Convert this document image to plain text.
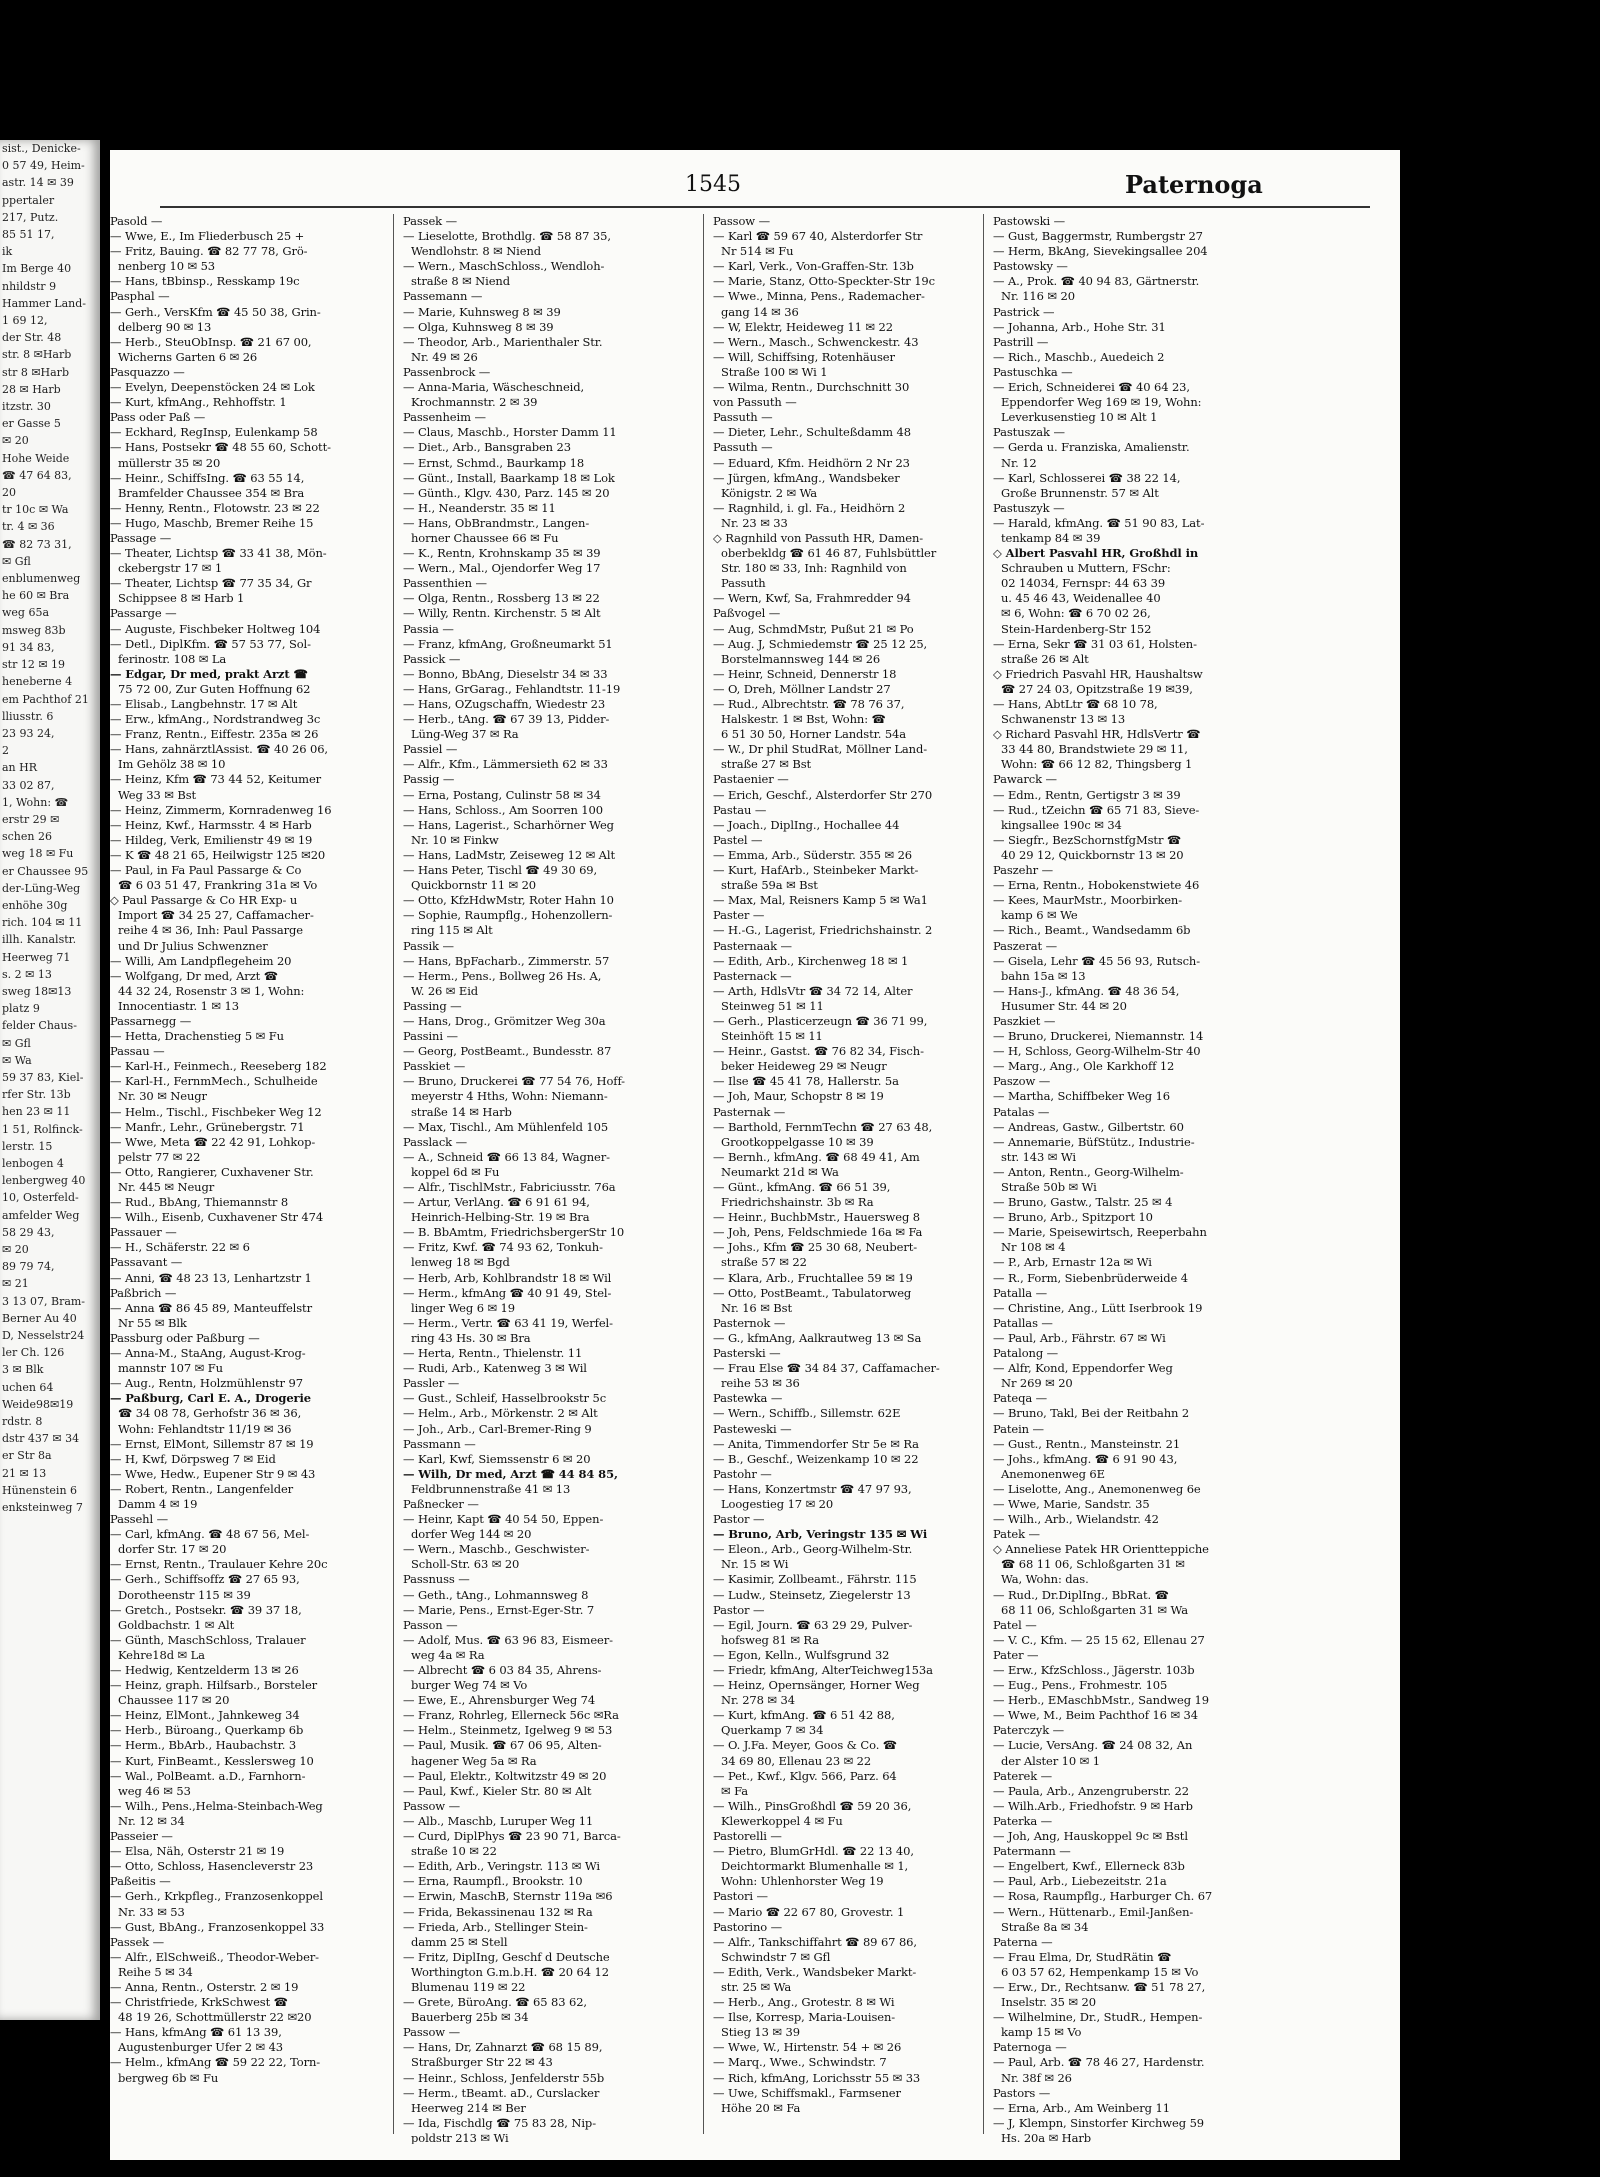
sist., Denicke-
0 57 49, Heim-
astr. 14 ✉ 39
ppertaler
217, Putz.
85 51 17,
ik
Im Berge 40
nhildstr 9
Hammer Land-
1 69 12,
der Str. 48
str. 8 ✉Harb
str 8 ✉Harb
28 ✉ Harb
itzstr. 30
er Gasse 5
✉ 20
Hohe Weide
☎ 47 64 83,
20
tr 10c ✉ Wa
tr. 4 ✉ 36
☎ 82 73 31,
✉ Gfl
enblumenweg
he 60 ✉ Bra
weg 65a
msweg 83b
91 34 83,
str 12 ✉ 19
heneberne 4
em Pachthof 21
lliusstr. 6
23 93 24,
2
an HR
33 02 87,
1, Wohn: ☎
erstr 29 ✉
schen 26
weg 18 ✉ Fu
er Chaussee 95
der-Lüng-Weg
enhöhe 30g
rich. 104 ✉ 11
illh. Kanalstr.
Heerweg 71
s. 2 ✉ 13
sweg 18✉13
platz 9
felder Chaus-
✉ Gfl
✉ Wa
59 37 83, Kiel-
rfer Str. 13b
hen 23 ✉ 11
1 51, Rolfinck-
lerstr. 15
lenbogen 4
lenbergweg 40
10, Osterfeld-
amfelder Weg
58 29 43,
✉ 20
89 79 74,
✉ 21
3 13 07, Bram-
Berner Au 40
D, Nesselstr24
ler Ch. 126
3 ✉ Blk
uchen 64
Weide98✉19
rdstr. 8
dstr 437 ✉ 34
er Str 8a
21 ✉ 13
Hünenstein 6
enksteinweg 7
1545	Paternoga
Pasold —
— Wwe, E., Im Fliederbusch 25 +
— Fritz, Bauing. ☎ 82 77 78, Grö-
nenberg 10 ✉ 53
— Hans, tBbinsp., Resskamp 19c
Pasphal —
— Gerh., VersKfm ☎ 45 50 38, Grin-
delberg 90 ✉ 13
— Herb., SteuObInsp. ☎ 21 67 00,
Wicherns Garten 6 ✉ 26
Pasquazzo —
— Evelyn, Deepenstöcken 24 ✉ Lok
— Kurt, kfmAng., Rehhoffstr. 1
Pass oder Paß —
— Eckhard, RegInsp, Eulenkamp 58
— Hans, Postsekr ☎ 48 55 60, Schott-
müllerstr 35 ✉ 20
— Heinr., SchiffsIng. ☎ 63 55 14,
Bramfelder Chaussee 354 ✉ Bra
— Henny, Rentn., Flotowstr. 23 ✉ 22
— Hugo, Maschb, Bremer Reihe 15
Passage —
— Theater, Lichtsp ☎ 33 41 38, Mön-
ckebergstr 17 ✉ 1
— Theater, Lichtsp ☎ 77 35 34, Gr
Schippsee 8 ✉ Harb 1
Passarge —
— Auguste, Fischbeker Holtweg 104
— Detl., DiplKfm. ☎ 57 53 77, Sol-
ferinostr. 108 ✉ La
— Edgar, Dr med, prakt Arzt ☎
75 72 00, Zur Guten Hoffnung 62
— Elisab., Langbehnstr. 17 ✉ Alt
— Erw., kfmAng., Nordstrandweg 3c
— Franz, Rentn., Eiffestr. 235a ✉ 26
— Hans, zahnärztlAssist. ☎ 40 26 06,
Im Gehölz 38 ✉ 10
— Heinz, Kfm ☎ 73 44 52, Keitumer
Weg 33 ✉ Bst
— Heinz, Zimmerm, Kornradenweg 16
— Heinz, Kwf., Harmsstr. 4 ✉ Harb
— Hildeg, Verk, Emilienstr 49 ✉ 19
— K ☎ 48 21 65, Heilwigstr 125 ✉20
— Paul, in Fa Paul Passarge & Co
☎ 6 03 51 47, Frankring 31a ✉ Vo
◇ Paul Passarge & Co HR Exp- u
Import ☎ 34 25 27, Caffamacher-
reihe 4 ✉ 36, Inh: Paul Passarge
und Dr Julius Schwenzner
— Willi, Am Landpflegeheim 20
— Wolfgang, Dr med, Arzt ☎
44 32 24, Rosenstr 3 ✉ 1, Wohn:
Innocentiastr. 1 ✉ 13
Passarnegg —
— Hetta, Drachenstieg 5 ✉ Fu
Passau —
— Karl-H., Feinmech., Reeseberg 182
— Karl-H., FernmMech., Schulheide
Nr. 30 ✉ Neugr
— Helm., Tischl., Fischbeker Weg 12
— Manfr., Lehr., Grünebergstr. 71
— Wwe, Meta ☎ 22 42 91, Lohkop-
pelstr 77 ✉ 22
— Otto, Rangierer, Cuxhavener Str.
Nr. 445 ✉ Neugr
— Rud., BbAng, Thiemannstr 8
— Wilh., Eisenb, Cuxhavener Str 474
Passauer —
— H., Schäferstr. 22 ✉ 6
Passavant —
— Anni, ☎ 48 23 13, Lenhartzstr 1
Paßbrich —
— Anna ☎ 86 45 89, Manteuffelstr
Nr 55 ✉ Blk
Passburg oder Paßburg —
— Anna-M., StaAng, August-Krog-
mannstr 107 ✉ Fu
— Aug., Rentn, Holzmühlenstr 97
— Paßburg, Carl E. A., Drogerie
☎ 34 08 78, Gerhofstr 36 ✉ 36,
Wohn: Fehlandtstr 11/19 ✉ 36
— Ernst, ElMont, Sillemstr 87 ✉ 19
— H, Kwf, Dörpsweg 7 ✉ Eid
— Wwe, Hedw., Eupener Str 9 ✉ 43
— Robert, Rentn., Langenfelder
Damm 4 ✉ 19
Passehl —
— Carl, kfmAng. ☎ 48 67 56, Mel-
dorfer Str. 17 ✉ 20
— Ernst, Rentn., Traulauer Kehre 20c
— Gerh., Schiffsoffz ☎ 27 65 93,
Dorotheenstr 115 ✉ 39
— Gretch., Postsekr. ☎ 39 37 18,
Goldbachstr. 1 ✉ Alt
— Günth, MaschSchloss, Tralauer
Kehre18d ✉ La
— Hedwig, Kentzelderm 13 ✉ 26
— Heinz, graph. Hilfsarb., Borsteler
Chaussee 117 ✉ 20
— Heinz, ElMont., Jahnkeweg 34
— Herb., Büroang., Querkamp 6b
— Herm., BbArb., Haubachstr. 3
— Kurt, FinBeamt., Kesslersweg 10
— Wal., PolBeamt. a.D., Farnhorn-
weg 46 ✉ 53
— Wilh., Pens.,Helma-Steinbach-Weg
Nr. 12 ✉ 34
Passeier —
— Elsa, Näh, Osterstr 21 ✉ 19
— Otto, Schloss, Hasencleverstr 23
Paßeitis —
— Gerh., Krkpfleg., Franzosenkoppel
Nr. 33 ✉ 53
— Gust, BbAng., Franzosenkoppel 33
Passek —
— Alfr., ElSchweiß., Theodor-Weber-
Reihe 5 ✉ 34
— Anna, Rentn., Osterstr. 2 ✉ 19
— Christfriede, KrkSchwest ☎
48 19 26, Schottmüllerstr 22 ✉20
— Hans, kfmAng ☎ 61 13 39,
Augustenburger Ufer 2 ✉ 43
— Helm., kfmAng ☎ 59 22 22, Torn-
bergweg 6b ✉ Fu
Passek —
— Lieselotte, Brothdlg. ☎ 58 87 35,
Wendlohstr. 8 ✉ Niend
— Wern., MaschSchloss., Wendloh-
straße 8 ✉ Niend
Passemann —
— Marie, Kuhnsweg 8 ✉ 39
— Olga, Kuhnsweg 8 ✉ 39
— Theodor, Arb., Marienthaler Str.
Nr. 49 ✉ 26
Passenbrock —
— Anna-Maria, Wäscheschneid,
Krochmannstr. 2 ✉ 39
Passenheim —
— Claus, Maschb., Horster Damm 11
— Diet., Arb., Bansgraben 23
— Ernst, Schmd., Baurkamp 18
— Günt., Install, Baarkamp 18 ✉ Lok
— Günth., Klgv. 430, Parz. 145 ✉ 20
— H., Neanderstr. 35 ✉ 11
— Hans, ObBrandmstr., Langen-
horner Chaussee 66 ✉ Fu
— K., Rentn, Krohnskamp 35 ✉ 39
— Wern., Mal., Ojendorfer Weg 17
Passenthien —
— Olga, Rentn., Rossberg 13 ✉ 22
— Willy, Rentn. Kirchenstr. 5 ✉ Alt
Passia —
— Franz, kfmAng, Großneumarkt 51
Passick —
— Bonno, BbAng, Dieselstr 34 ✉ 33
— Hans, GrGarag., Fehlandtstr. 11-19
— Hans, OZugschaffn, Wiedestr 23
— Herb., tAng. ☎ 67 39 13, Pidder-
Lüng-Weg 37 ✉ Ra
Passiel —
— Alfr., Kfm., Lämmersieth 62 ✉ 33
Passig —
— Erna, Postang, Culinstr 58 ✉ 34
— Hans, Schloss., Am Soorren 100
— Hans, Lagerist., Scharhörner Weg
Nr. 10 ✉ Finkw
— Hans, LadMstr, Zeiseweg 12 ✉ Alt
— Hans Peter, Tischl ☎ 49 30 69,
Quickbornstr 11 ✉ 20
— Otto, KfzHdwMstr, Roter Hahn 10
— Sophie, Raumpflg., Hohenzollern-
ring 115 ✉ Alt
Passik —
— Hans, BpFacharb., Zimmerstr. 57
— Herm., Pens., Bollweg 26 Hs. A,
W. 26 ✉ Eid
Passing —
— Hans, Drog., Grömitzer Weg 30a
Passini —
— Georg, PostBeamt., Bundesstr. 87
Passkiet —
— Bruno, Druckerei ☎ 77 54 76, Hoff-
meyerstr 4 Hths, Wohn: Niemann-
straße 14 ✉ Harb
— Max, Tischl., Am Mühlenfeld 105
Passlack —
— A., Schneid ☎ 66 13 84, Wagner-
koppel 6d ✉ Fu
— Alfr., TischlMstr., Fabriciusstr. 76a
— Artur, VerlAng. ☎ 6 91 61 94,
Heinrich-Helbing-Str. 19 ✉ Bra
— B. BbAmtm, FriedrichsbergerStr 10
— Fritz, Kwf. ☎ 74 93 62, Tonkuh-
lenweg 18 ✉ Bgd
— Herb, Arb, Kohlbrandstr 18 ✉ Wil
— Herm., kfmAng ☎ 40 91 49, Stel-
linger Weg 6 ✉ 19
— Herm., Vertr. ☎ 63 41 19, Werfel-
ring 43 Hs. 30 ✉ Bra
— Herta, Rentn., Thielenstr. 11
— Rudi, Arb., Katenweg 3 ✉ Wil
Passler —
— Gust., Schleif, Hasselbrookstr 5c
— Helm., Arb., Mörkenstr. 2 ✉ Alt
— Joh., Arb., Carl-Bremer-Ring 9
Passmann —
— Karl, Kwf, Siemssenstr 6 ✉ 20
— Wilh, Dr med, Arzt ☎ 44 84 85,
Feldbrunnenstraße 41 ✉ 13
Paßnecker —
— Heinr, Kapt ☎ 40 54 50, Eppen-
dorfer Weg 144 ✉ 20
— Wern., Maschb., Geschwister-
Scholl-Str. 63 ✉ 20
Passnuss —
— Geth., tAng., Lohmannsweg 8
— Marie, Pens., Ernst-Eger-Str. 7
Passon —
— Adolf, Mus. ☎ 63 96 83, Eismeer-
weg 4a ✉ Ra
— Albrecht ☎ 6 03 84 35, Ahrens-
burger Weg 74 ✉ Vo
— Ewe, E., Ahrensburger Weg 74
— Franz, Rohrleg, Ellerneck 56c ✉Ra
— Helm., Steinmetz, Igelweg 9 ✉ 53
— Paul, Musik. ☎ 67 06 95, Alten-
hagener Weg 5a ✉ Ra
— Paul, Elektr., Koltwitzstr 49 ✉ 20
— Paul, Kwf., Kieler Str. 80 ✉ Alt
Passow —
— Alb., Maschb, Luruper Weg 11
— Curd, DiplPhys ☎ 23 90 71, Barca-
straße 10 ✉ 22
— Edith, Arb., Veringstr. 113 ✉ Wi
— Erna, Raumpfl., Brookstr. 10
— Erwin, MaschB, Sternstr 119a ✉6
— Frida, Bekassinenau 132 ✉ Ra
— Frieda, Arb., Stellinger Stein-
damm 25 ✉ Stell
— Fritz, DiplIng, Geschf d Deutsche
Worthington G.m.b.H. ☎ 20 64 12
Blumenau 119 ✉ 22
— Grete, BüroAng. ☎ 65 83 62,
Bauerberg 25b ✉ 34
Passow —
— Hans, Dr, Zahnarzt ☎ 68 15 89,
Straßburger Str 22 ✉ 43
— Heinr., Schloss, Jenfelderstr 55b
— Herm., tBeamt. aD., Curslacker
Heerweg 214 ✉ Ber
— Ida, Fischdlg ☎ 75 83 28, Nip-
poldstr 213 ✉ Wi
Passow —
— Karl ☎ 59 67 40, Alsterdorfer Str
Nr 514 ✉ Fu
— Karl, Verk., Von-Graffen-Str. 13b
— Marie, Stanz, Otto-Speckter-Str 19c
— Wwe., Minna, Pens., Rademacher-
gang 14 ✉ 36
— W, Elektr, Heideweg 11 ✉ 22
— Wern., Masch., Schwenckestr. 43
— Will, Schiffsing, Rotenhäuser
Straße 100 ✉ Wi 1
— Wilma, Rentn., Durchschnitt 30
von Passuth —
Passuth —
— Dieter, Lehr., Schulteßdamm 48
Passuth —
— Eduard, Kfm. Heidhörn 2 Nr 23
— Jürgen, kfmAng., Wandsbeker
Königstr. 2 ✉ Wa
— Ragnhild, i. gl. Fa., Heidhörn 2
Nr. 23 ✉ 33
◇ Ragnhild von Passuth HR, Damen-
oberbekldg ☎ 61 46 87, Fuhlsbüttler
Str. 180 ✉ 33, Inh: Ragnhild von
Passuth
— Wern, Kwf, Sa, Frahmredder 94
Paßvogel —
— Aug, SchmdMstr, Pußut 21 ✉ Po
— Aug. J, Schmiedemstr ☎ 25 12 25,
Borstelmannsweg 144 ✉ 26
— Heinr, Schneid, Dennerstr 18
— O, Dreh, Möllner Landstr 27
— Rud., Albrechtstr. ☎ 78 76 37,
Halskestr. 1 ✉ Bst, Wohn: ☎
6 51 30 50, Horner Landstr. 54a
— W., Dr phil StudRat, Möllner Land-
straße 27 ✉ Bst
Pastaenier —
— Erich, Geschf., Alsterdorfer Str 270
Pastau —
— Joach., DiplIng., Hochallee 44
Pastel —
— Emma, Arb., Süderstr. 355 ✉ 26
— Kurt, HafArb., Steinbeker Markt-
straße 59a ✉ Bst
— Max, Mal, Reisners Kamp 5 ✉ Wa1
Paster —
— H.-G., Lagerist, Friedrichshainstr. 2
Pasternaak —
— Edith, Arb., Kirchenweg 18 ✉ 1
Pasternack —
— Arth, HdlsVtr ☎ 34 72 14, Alter
Steinweg 51 ✉ 11
— Gerh., Plasticerzeugn ☎ 36 71 99,
Steinhöft 15 ✉ 11
— Heinr., Gastst. ☎ 76 82 34, Fisch-
beker Heideweg 29 ✉ Neugr
— Ilse ☎ 45 41 78, Hallerstr. 5a
— Joh, Maur, Schopstr 8 ✉ 19
Pasternak —
— Barthold, FernmTechn ☎ 27 63 48,
Grootkoppelgasse 10 ✉ 39
— Bernh., kfmAng. ☎ 68 49 41, Am
Neumarkt 21d ✉ Wa
— Günt., kfmAng. ☎ 66 51 39,
Friedrichshainstr. 3b ✉ Ra
— Heinr., BuchbMstr., Hauersweg 8
— Joh, Pens, Feldschmiede 16a ✉ Fa
— Johs., Kfm ☎ 25 30 68, Neubert-
straße 57 ✉ 22
— Klara, Arb., Fruchtallee 59 ✉ 19
— Otto, PostBeamt., Tabulatorweg
Nr. 16 ✉ Bst
Pasternok —
— G., kfmAng, Aalkrautweg 13 ✉ Sa
Pasterski —
— Frau Else ☎ 34 84 37, Caffamacher-
reihe 53 ✉ 36
Pastewka —
— Wern., Schiffb., Sillemstr. 62E
Pasteweski —
— Anita, Timmendorfer Str 5e ✉ Ra
— B., Geschf., Weizenkamp 10 ✉ 22
Pastohr —
— Hans, Konzertmstr ☎ 47 97 93,
Loogestieg 17 ✉ 20
Pastor —
— Bruno, Arb, Veringstr 135 ✉ Wi
— Eleon., Arb., Georg-Wilhelm-Str.
Nr. 15 ✉ Wi
— Kasimir, Zollbeamt., Fährstr. 115
— Ludw., Steinsetz, Ziegelerstr 13
Pastor —
— Egil, Journ. ☎ 63 29 29, Pulver-
hofsweg 81 ✉ Ra
— Egon, Kelln., Wulfsgrund 32
— Friedr, kfmAng, AlterTeichweg153a
— Heinz, Opernsänger, Horner Weg
Nr. 278 ✉ 34
— Kurt, kfmAng. ☎ 6 51 42 88,
Querkamp 7 ✉ 34
— O. J.Fa. Meyer, Goos & Co. ☎
34 69 80, Ellenau 23 ✉ 22
— Pet., Kwf., Klgv. 566, Parz. 64
✉ Fa
— Wilh., PinsGroßhdl ☎ 59 20 36,
Klewerkoppel 4 ✉ Fu
Pastorelli —
— Pietro, BlumGrHdl. ☎ 22 13 40,
Deichtormarkt Blumenhalle ✉ 1,
Wohn: Uhlenhorster Weg 19
Pastori —
— Mario ☎ 22 67 80, Grovestr. 1
Pastorino —
— Alfr., Tankschiffahrt ☎ 89 67 86,
Schwindstr 7 ✉ Gfl
— Edith, Verk., Wandsbeker Markt-
str. 25 ✉ Wa
— Herb., Ang., Grotestr. 8 ✉ Wi
— Ilse, Korresp, Maria-Louisen-
Stieg 13 ✉ 39
— Wwe, W., Hirtenstr. 54 + ✉ 26
— Marq., Wwe., Schwindstr. 7
— Rich, kfmAng, Lorichsstr 55 ✉ 33
— Uwe, Schiffsmakl., Farmsener
Höhe 20 ✉ Fa
Pastowski —
— Gust, Baggermstr, Rumbergstr 27
— Herm, BkAng, Sievekingsallee 204
Pastowsky —
— A., Prok. ☎ 40 94 83, Gärtnerstr.
Nr. 116 ✉ 20
Pastrick —
— Johanna, Arb., Hohe Str. 31
Pastrill —
— Rich., Maschb., Auedeich 2
Pastuschka —
— Erich, Schneiderei ☎ 40 64 23,
Eppendorfer Weg 169 ✉ 19, Wohn:
Leverkusenstieg 10 ✉ Alt 1
Pastuszak —
— Gerda u. Franziska, Amalienstr.
Nr. 12
— Karl, Schlosserei ☎ 38 22 14,
Große Brunnenstr. 57 ✉ Alt
Pastuszyk —
— Harald, kfmAng. ☎ 51 90 83, Lat-
tenkamp 84 ✉ 39
◇ Albert Pasvahl HR, Großhdl in
Schrauben u Muttern, FSchr:
02 14034, Fernspr: 44 63 39
u. 45 46 43, Weidenallee 40
✉ 6, Wohn: ☎ 6 70 02 26,
Stein-Hardenberg-Str 152
— Erna, Sekr ☎ 31 03 61, Holsten-
straße 26 ✉ Alt
◇ Friedrich Pasvahl HR, Haushaltsw
☎ 27 24 03, Opitzstraße 19 ✉39,
— Hans, AbtLtr ☎ 68 10 78,
Schwanenstr 13 ✉ 13
◇ Richard Pasvahl HR, HdlsVertr ☎
33 44 80, Brandstwiete 29 ✉ 11,
Wohn: ☎ 66 12 82, Thingsberg 1
Pawarck —
— Edm., Rentn, Gertigstr 3 ✉ 39
— Rud., tZeichn ☎ 65 71 83, Sieve-
kingsallee 190c ✉ 34
— Siegfr., BezSchornstfgMstr ☎
40 29 12, Quickbornstr 13 ✉ 20
Paszehr —
— Erna, Rentn., Hobokenstwiete 46
— Kees, MaurMstr., Moorbirken-
kamp 6 ✉ We
— Rich., Beamt., Wandsedamm 6b
Paszerat —
— Gisela, Lehr ☎ 45 56 93, Rutsch-
bahn 15a ✉ 13
— Hans-J., kfmAng. ☎ 48 36 54,
Husumer Str. 44 ✉ 20
Paszkiet —
— Bruno, Druckerei, Niemannstr. 14
— H, Schloss, Georg-Wilhelm-Str 40
— Marg., Ang., Ole Karkhoff 12
Paszow —
— Martha, Schiffbeker Weg 16
Patalas —
— Andreas, Gastw., Gilbertstr. 60
— Annemarie, BüfStütz., Industrie-
str. 143 ✉ Wi
— Anton, Rentn., Georg-Wilhelm-
Straße 50b ✉ Wi
— Bruno, Gastw., Talstr. 25 ✉ 4
— Bruno, Arb., Spitzport 10
— Marie, Speisewirtsch, Reeperbahn
Nr 108 ✉ 4
— P., Arb, Ernastr 12a ✉ Wi
— R., Form, Siebenbrüderweide 4
Patalla —
— Christine, Ang., Lütt Iserbrook 19
Patallas —
— Paul, Arb., Fährstr. 67 ✉ Wi
Patalong —
— Alfr, Kond, Eppendorfer Weg
Nr 269 ✉ 20
Pateqa —
— Bruno, Takl, Bei der Reitbahn 2
Patein —
— Gust., Rentn., Mansteinstr. 21
— Johs., kfmAng. ☎ 6 91 90 43,
Anemonenweg 6E
— Liselotte, Ang., Anemonenweg 6e
— Wwe, Marie, Sandstr. 35
— Wilh., Arb., Wielandstr. 42
Patek —
◇ Anneliese Patek HR Orientteppiche
☎ 68 11 06, Schloßgarten 31 ✉
Wa, Wohn: das.
— Rud., Dr.DiplIng., BbRat. ☎
68 11 06, Schloßgarten 31 ✉ Wa
Patel —
— V. C., Kfm. — 25 15 62, Ellenau 27
Pater —
— Erw., KfzSchloss., Jägerstr. 103b
— Eug., Pens., Frohmestr. 105
— Herb., EMaschbMstr., Sandweg 19
— Wwe, M., Beim Pachthof 16 ✉ 34
Paterczyk —
— Lucie, VersAng. ☎ 24 08 32, An
der Alster 10 ✉ 1
Paterek —
— Paula, Arb., Anzengruberstr. 22
— Wilh.Arb., Friedhofstr. 9 ✉ Harb
Paterka —
— Joh, Ang, Hauskoppel 9c ✉ Bstl
Patermann —
— Engelbert, Kwf., Ellerneck 83b
— Paul, Arb., Liebezeitstr. 21a
— Rosa, Raumpflg., Harburger Ch. 67
— Wern., Hüttenarb., Emil-Janßen-
Straße 8a ✉ 34
Paterna —
— Frau Elma, Dr, StudRätin ☎
6 03 57 62, Hempenkamp 15 ✉ Vo
— Erw., Dr., Rechtsanw. ☎ 51 78 27,
Inselstr. 35 ✉ 20
— Wilhelmine, Dr., StudR., Hempen-
kamp 15 ✉ Vo
Paternoga —
— Paul, Arb. ☎ 78 46 27, Hardenstr.
Nr. 38f ✉ 26
Pastors —
— Erna, Arb., Am Weinberg 11
— J, Klempn, Sinstorfer Kirchweg 59
Hs. 20a ✉ Harb
